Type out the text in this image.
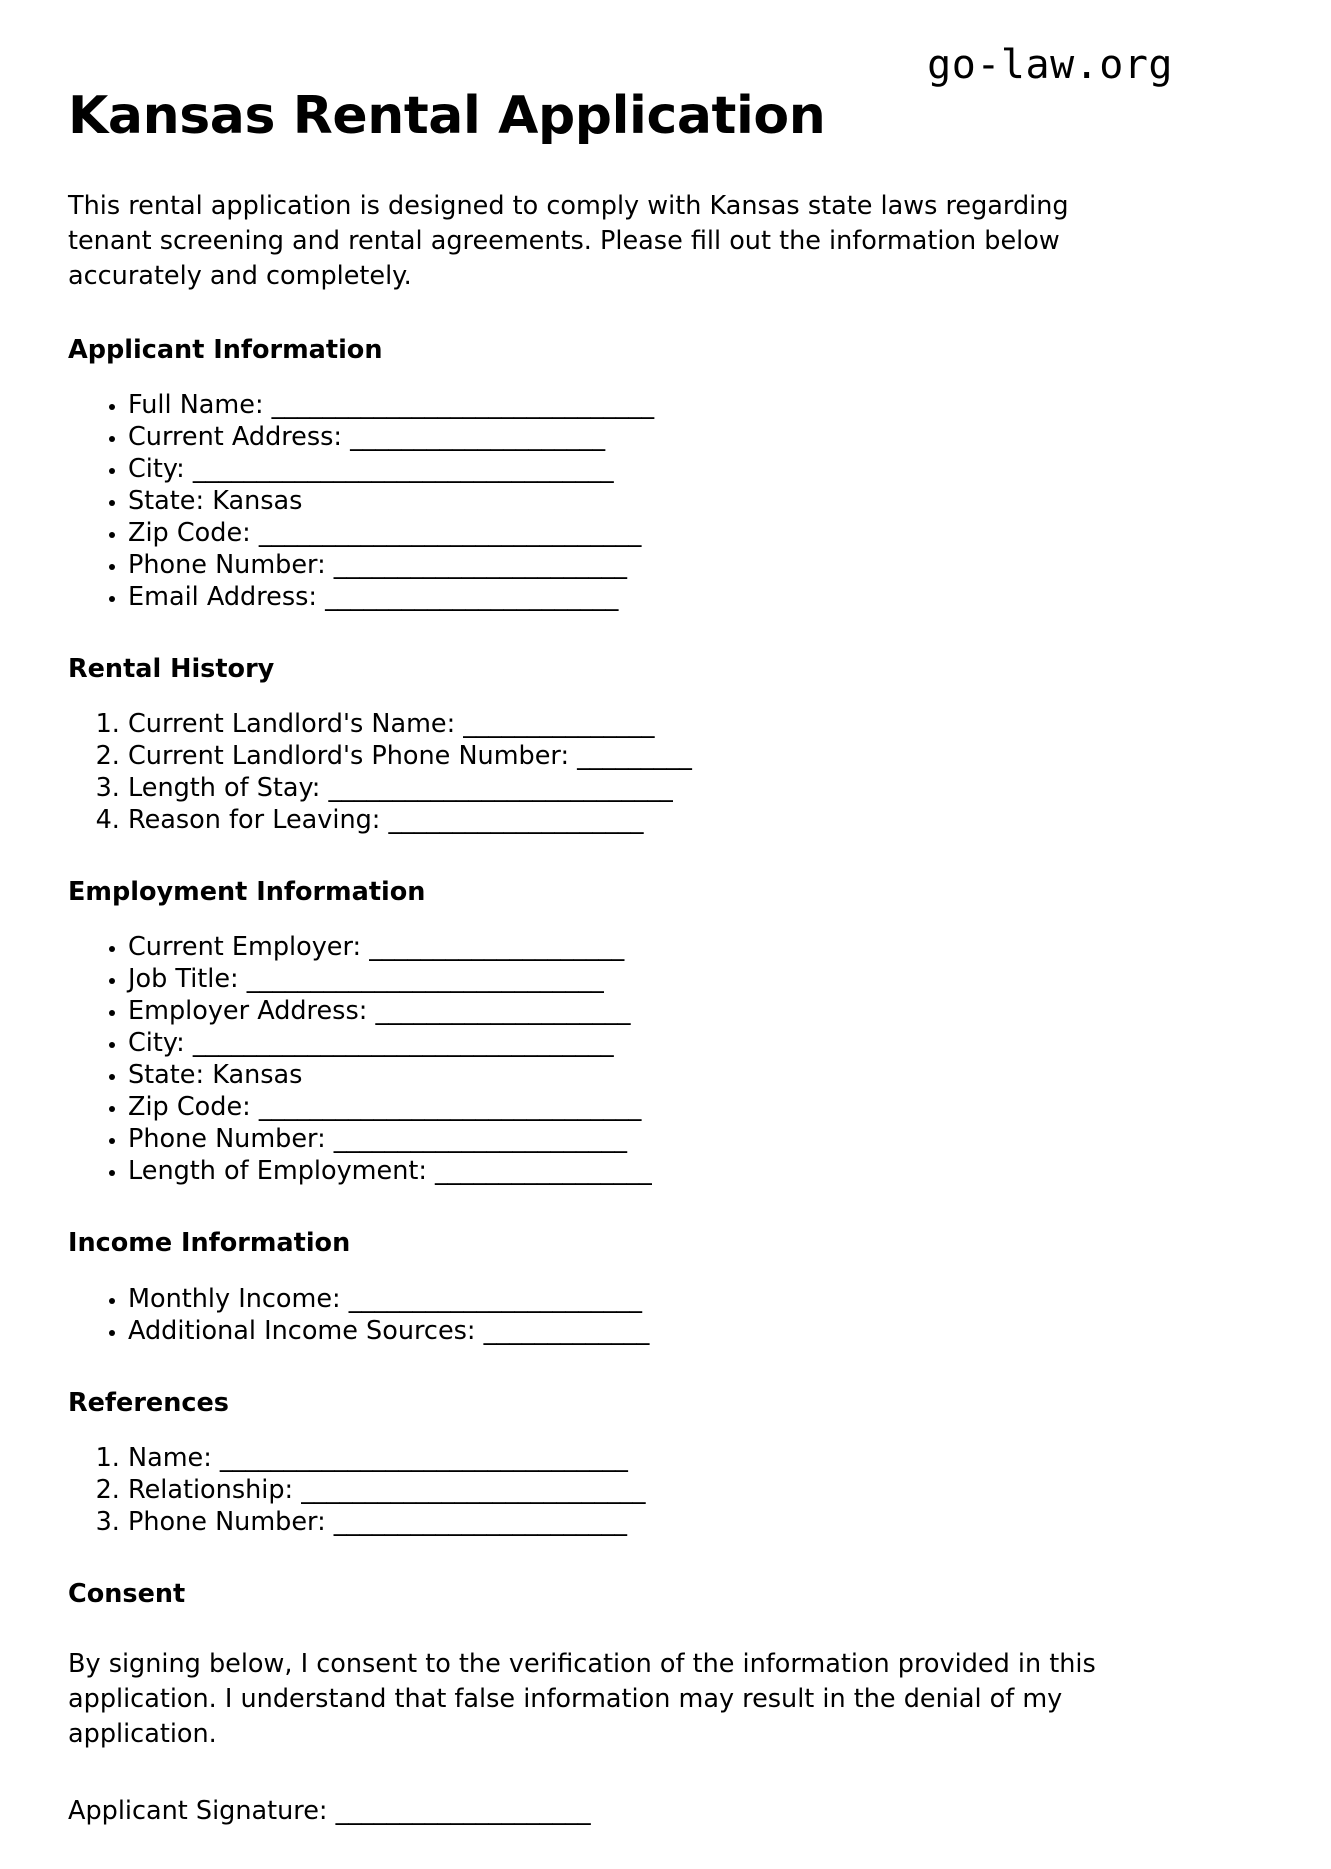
go-law.org
Kansas Rental Application

This rental application is designed to comply with Kansas state laws regarding tenant screening and rental agreements. Please fill out the information below accurately and completely.

Applicant Information
• Full Name: ______________________________
• Current Address: ____________________
• City: _________________________________
• State: Kansas
• Zip Code: ______________________________
• Phone Number: _______________________
• Email Address: _______________________
Rental History
1. Current Landlord's Name: _______________
2. Current Landlord's Phone Number: _________
3. Length of Stay: ___________________________
4. Reason for Leaving: ____________________
Employment Information
• Current Employer: ____________________
• Job Title: ____________________________
• Employer Address: ____________________
• City: _________________________________
• State: Kansas
• Zip Code: ______________________________
• Phone Number: _______________________
• Length of Employment: _________________
Income Information
• Monthly Income: _______________________
• Additional Income Sources: _____________
References
1. Name: ________________________________
2. Relationship: ___________________________
3. Phone Number: _______________________
Consent

By signing below, I consent to the verification of the information provided in this application. I understand that false information may result in the denial of my application.

Applicant Signature: ____________________
